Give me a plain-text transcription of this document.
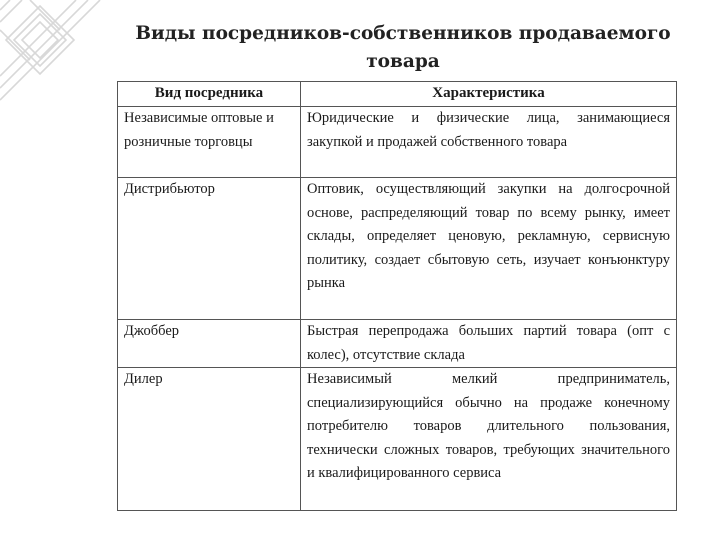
Виды посредников-собственников продаваемого
товара
Вид посредника	Характеристика
Независимые оптовые и розничные торговцы	Юридические и физические лица, занимающиеся закупкой и продажей собственного товара
Дистрибьютор	Оптовик, осуществляющий закупки на долгосрочной основе, распределяющий товар по всему рынку, имеет склады, определяет ценовую, рекламную, сервисную политику, создает сбытовую сеть, изучает конъюнктуру рынка
Джоббер	Быстрая перепродажа больших партий товара (опт с колес), отсутствие склада
Дилер	Независимый мелкий предприниматель, специализирующийся обычно на продаже конечному потребителю товаров длительного пользования, технически сложных товаров, требующих значительного и квалифицированного сервиса
